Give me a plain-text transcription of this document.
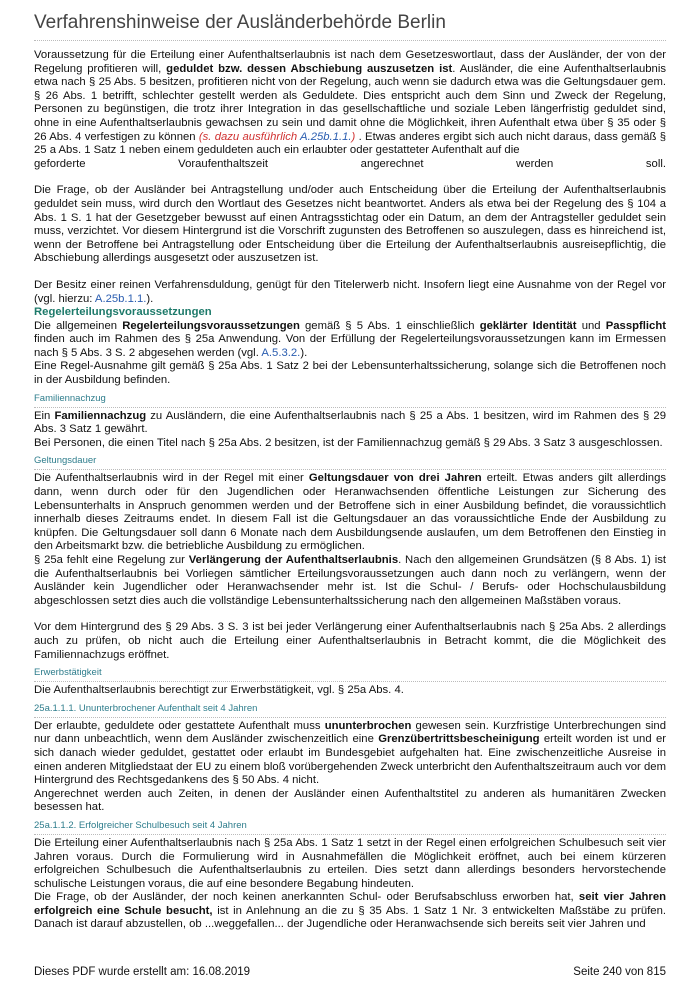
Verfahrenshinweise der Ausländerbehörde Berlin

Voraussetzung für die Erteilung einer Aufenthaltserlaubnis ist nach dem Gesetzeswortlaut, dass der Ausländer, der von der Regelung profitieren will, geduldet bzw. dessen Abschiebung auszusetzen ist. Ausländer, die eine Aufenthaltserlaubnis etwa nach § 25 Abs. 5 besitzen, profitieren nicht von der Regelung, auch wenn sie dadurch etwa was die Geltungsdauer gem. § 26 Abs. 1 betrifft, schlechter gestellt werden als Geduldete. Dies entspricht auch dem Sinn und Zweck der Regelung, Personen zu begünstigen, die trotz ihrer Integration in das gesellschaftliche und soziale Leben längerfristig geduldet sind, ohne in eine Aufenthaltserlaubnis gewachsen zu sein und damit ohne die Möglichkeit, ihren Aufenthalt etwa über § 35 oder § 26 Abs. 4 verfestigen zu können (s. dazu ausführlich A.25b.1.1.) . Etwas anderes ergibt sich auch nicht daraus, dass gemäß § 25 a Abs. 1 Satz 1 neben einem geduldeten auch ein erlaubter oder gestatteter Aufenthalt auf die

geforderte Voraufenthaltszeit angerechnet werden soll.

Die Frage, ob der Ausländer bei Antragstellung und/oder auch Entscheidung über die Erteilung der Aufenthaltserlaubnis geduldet sein muss, wird durch den Wortlaut des Gesetzes nicht beantwortet. Anders als etwa bei der Regelung des § 104 a Abs. 1 S. 1 hat der Gesetzgeber bewusst auf einen Antragsstichtag oder ein Datum, an dem der Antragsteller geduldet sein muss, verzichtet. Vor diesem Hintergrund ist die Vorschrift zugunsten des Betroffenen so auszulegen, dass es hinreichend ist, wenn der Betroffene bei Antragstellung oder Entscheidung über die Erteilung der Aufenthaltserlaubnis ausreisepflichtig, die Abschiebung allerdings ausgesetzt oder auszusetzen ist.

Der Besitz einer reinen Verfahrensduldung, genügt für den Titelerwerb nicht. Insofern liegt eine Ausnahme von der Regel vor (vgl. hierzu: A.25b.1.1.).

Regelerteilungsvoraussetzungen

Die allgemeinen Regelerteilungsvoraussetzungen gemäß § 5 Abs. 1 einschließlich geklärter Identität und Passpflicht finden auch im Rahmen des § 25a Anwendung. Von der Erfüllung der Regelerteilungsvoraussetzungen kann im Ermessen nach § 5 Abs. 3 S. 2 abgesehen werden (vgl. A.5.3.2.).

Eine Regel-Ausnahme gilt gemäß § 25a Abs. 1 Satz 2 bei der Lebensunterhaltssicherung, solange sich die Betroffenen noch in der Ausbildung befinden.

Familiennachzug

Ein Familiennachzug zu Ausländern, die eine Aufenthaltserlaubnis nach § 25 a Abs. 1 besitzen, wird im Rahmen des § 29 Abs. 3 Satz 1 gewährt.

Bei Personen, die einen Titel nach § 25a Abs. 2 besitzen, ist der Familiennachzug gemäß § 29 Abs. 3 Satz 3 ausgeschlossen.

Geltungsdauer

Die Aufenthaltserlaubnis wird in der Regel mit einer Geltungsdauer von drei Jahren erteilt. Etwas anders gilt allerdings dann, wenn durch oder für den Jugendlichen oder Heranwachsenden öffentliche Leistungen zur Sicherung des Lebensunterhalts in Anspruch genommen werden und der Betroffene sich in einer Ausbildung befindet, die voraussichtlich innerhalb dieses Zeitraums endet. In diesem Fall ist die Geltungsdauer an das voraussichtliche Ende der Ausbildung zu knüpfen. Die Geltungsdauer soll dann 6 Monate nach dem Ausbildungsende auslaufen, um dem Betroffenen den Einstieg in den Arbeitsmarkt bzw. die betriebliche Ausbildung zu ermöglichen.

§ 25a fehlt eine Regelung zur Verlängerung der Aufenthaltserlaubnis. Nach den allgemeinen Grundsätzen (§ 8 Abs. 1) ist die Aufenthaltserlaubnis bei Vorliegen sämtlicher Erteilungsvoraussetzungen auch dann noch zu verlängern, wenn der Ausländer kein Jugendlicher oder Heranwachsender mehr ist. Ist die Schul- / Berufs- oder Hochschulausbildung abgeschlossen setzt dies auch die vollständige Lebensunterhaltssicherung nach den allgemeinen Maßstäben voraus.

Vor dem Hintergrund des § 29 Abs. 3 S. 3 ist bei jeder Verlängerung einer Aufenthaltserlaubnis nach § 25a Abs. 2 allerdings auch zu prüfen, ob nicht auch die Erteilung einer Aufenthaltserlaubnis in Betracht kommt, die die Möglichkeit des Familiennachzugs eröffnet.

Erwerbstätigkeit

Die Aufenthaltserlaubnis berechtigt zur Erwerbstätigkeit, vgl. § 25a Abs. 4.

25a.1.1.1. Ununterbrochener Aufenthalt seit 4 Jahren

Der erlaubte, geduldete oder gestattete Aufenthalt muss ununterbrochen gewesen sein. Kurzfristige Unterbrechungen sind nur dann unbeachtlich, wenn dem Ausländer zwischenzeitlich eine Grenzübertrittsbescheinigung erteilt worden ist und er sich danach wieder geduldet, gestattet oder erlaubt im Bundesgebiet aufgehalten hat. Eine zwischenzeitliche Ausreise in einen anderen Mitgliedstaat der EU zu einem bloß vorübergehenden Zweck unterbricht den Aufenthaltszeitraum auch vor dem Hintergrund des Rechtsgedankens des § 50 Abs. 4 nicht.

Angerechnet werden auch Zeiten, in denen der Ausländer einen Aufenthaltstitel zu anderen als humanitären Zwecken besessen hat.

25a.1.1.2. Erfolgreicher Schulbesuch seit 4 Jahren

Die Erteilung einer Aufenthaltserlaubnis nach § 25a Abs. 1 Satz 1 setzt in der Regel einen erfolgreichen Schulbesuch seit vier Jahren voraus. Durch die Formulierung wird in Ausnahmefällen die Möglichkeit eröffnet, auch bei einem kürzeren erfolgreichen Schulbesuch die Aufenthaltserlaubnis zu erteilen. Dies setzt dann allerdings besonders hervorstechende schulische Leistungen voraus, die auf eine besondere Begabung hindeuten.

Die Frage, ob der Ausländer, der noch keinen anerkannten Schul- oder Berufsabschluss erworben hat, seit vier Jahren erfolgreich eine Schule besucht, ist in Anlehnung an die zu § 35 Abs. 1 Satz 1 Nr. 3 entwickelten Maßstäbe zu prüfen. Danach ist darauf abzustellen, ob ...weggefallen... der Jugendliche oder Heranwachsende sich bereits seit vier Jahren und

Dieses PDF wurde erstellt am: 16.08.2019	Seite 240 von 815
